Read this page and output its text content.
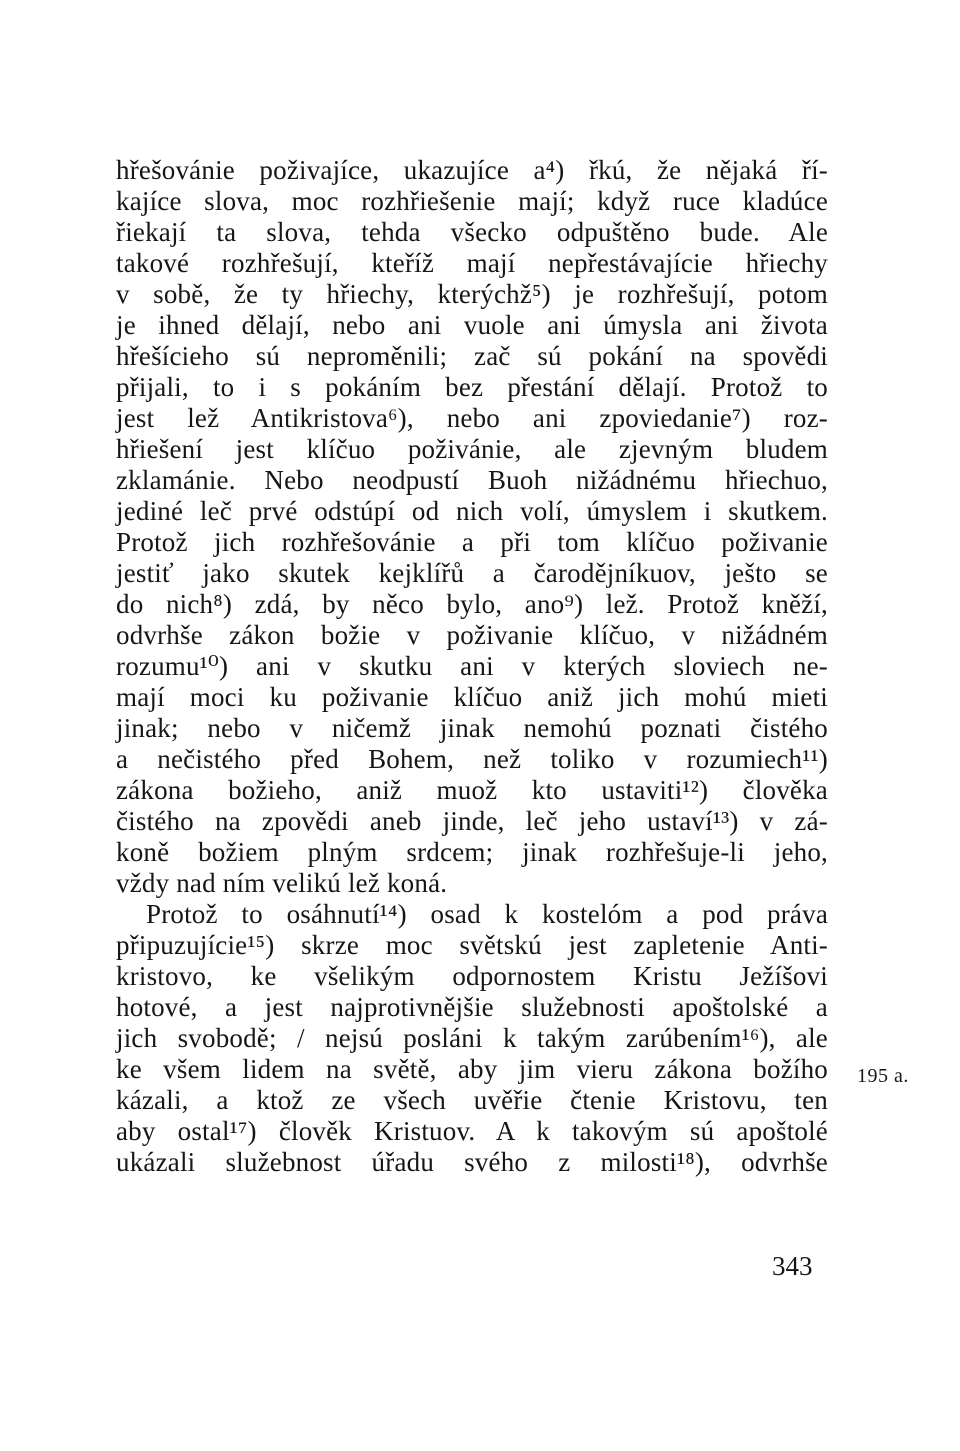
hřešovánie poživajíce, ukazujíce a⁴) řkú, že nějaká ří-
kajíce slova, moc rozhřiešenie mají; když ruce kladúce
řiekají ta slova, tehda všecko odpuštěno bude. Ale
takové rozhřešují, kteříž mají nepřestávajície hřiechy
v sobě, že ty hřiechy, kterýchž⁵) je rozhřešují, potom
je ihned dělají, nebo ani vuole ani úmysla ani života
hřešícieho sú neproměnili; zač sú pokání na spovědi
přijali, to i s pokáním bez přestání dělají. Protož to
jest lež Antikristova⁶), nebo ani zpoviedanie⁷) roz-
hřiešení jest klíčuo poživánie, ale zjevným bludem
zklamánie. Nebo neodpustí Buoh nižádnému hřiechuo,
jediné leč prvé odstúpí od nich volí, úmyslem i skutkem.
Protož jich rozhřešovánie a při tom klíčuo poživanie
jestiť jako skutek kejklířů a čarodějníkuov, ješto se
do nich⁸) zdá, by něco bylo, ano⁹) lež. Protož kněží,
odvrhše zákon božie v poživanie klíčuo, v nižádném
rozumu¹⁰) ani v skutku ani v kterých sloviech ne-
mají moci ku poživanie klíčuo aniž jich mohú mieti
jinak; nebo v ničemž jinak nemohú poznati čistého
a nečistého před Bohem, než toliko v rozumiech¹¹)
zákona božieho, aniž muož kto ustaviti¹²) člověka
čistého na zpovědi aneb jinde, leč jeho ustaví¹³) v zá-
koně božiem plným srdcem; jinak rozhřešuje-li jeho,
vždy nad ním velikú lež koná.
Protož to osáhnutí¹⁴) osad k kostelóm a pod práva
připuzujície¹⁵) skrze moc světskú jest zapletenie Anti-
kristovo, ke všelikým odpornostem Kristu Ježíšovi
hotové, a jest najprotivnějšie služebnosti apoštolské a
jich svobodě; / nejsú posláni k takým zarúbením¹⁶), ale
ke všem lidem na světě, aby jim vieru zákona božího
kázali, a ktož ze všech uvěřie čtenie Kristovu, ten
aby ostal¹⁷) člověk Kristuov. A k takovým sú apoštolé
ukázali služebnost úřadu svého z milosti¹⁸), odvrhše
195 a.
343
